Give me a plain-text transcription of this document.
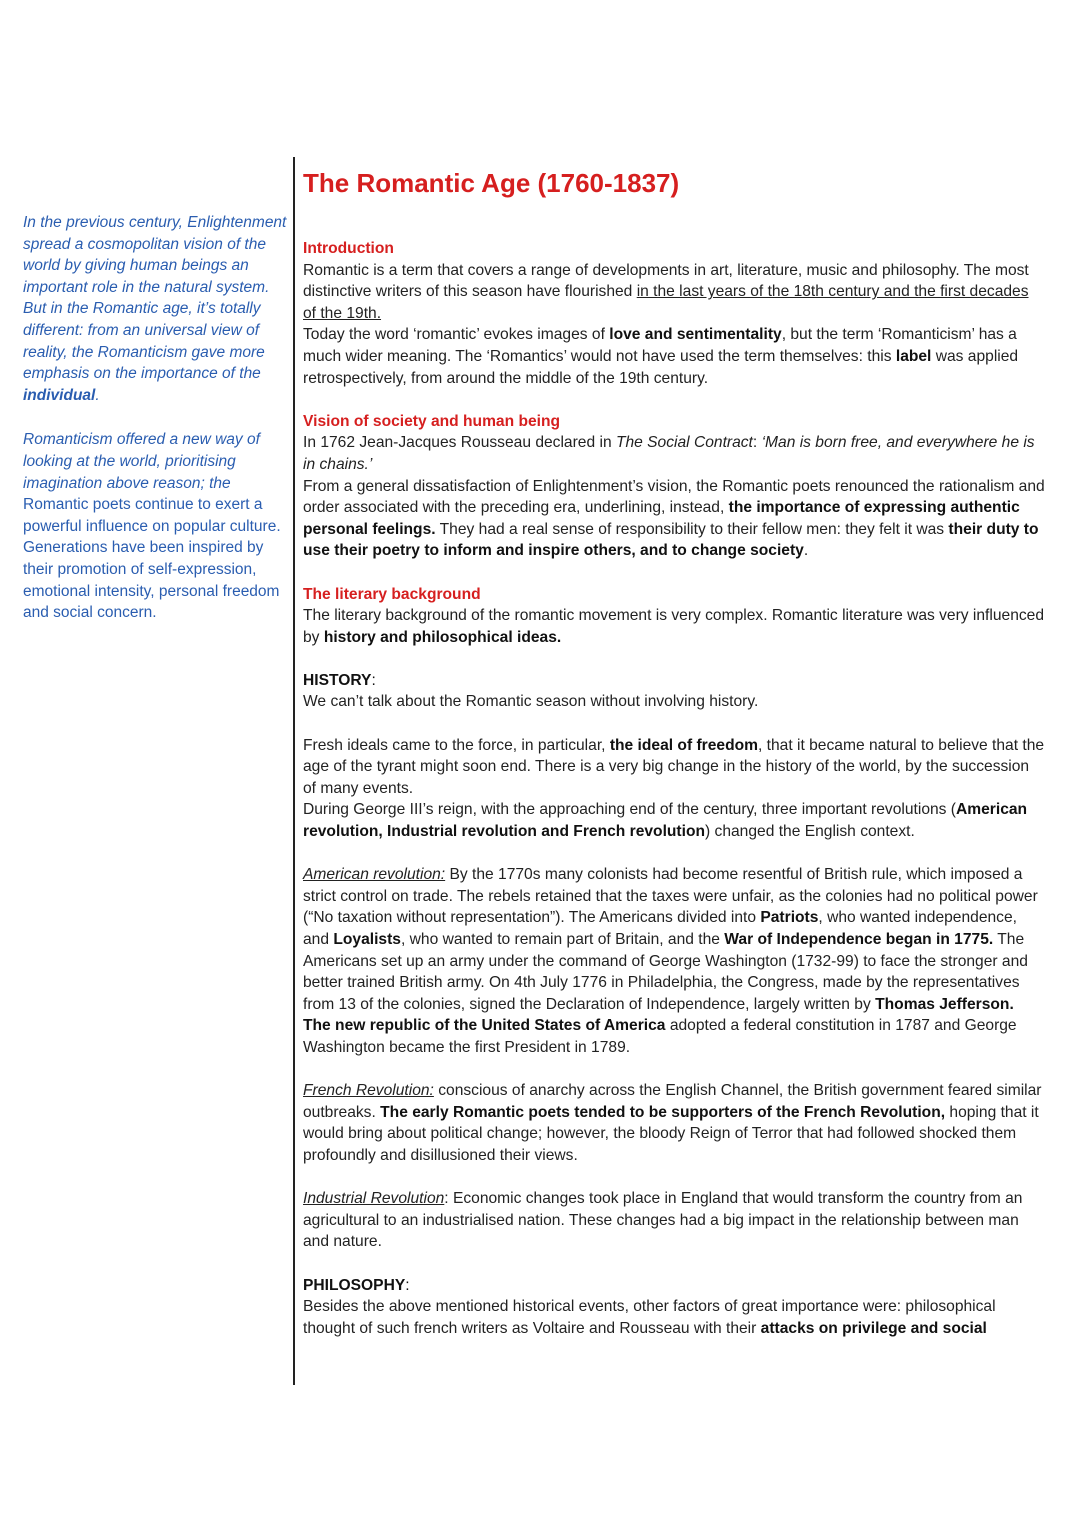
In the previous century, Enlightenment spread a cosmopolitan vision of the world by giving human beings an important role in the natural system. But in the Romantic age, it’s totally different: from an universal view of reality, the Romanticism gave more emphasis on the importance of the individual.

Romanticism offered a new way of looking at the world, prioritising imagination above reason; the Romantic poets continue to exert a powerful influence on popular culture. Generations have been inspired by their promotion of self-expression, emotional intensity, personal freedom and social concern.

The Romantic Age (1760-1837)
Introduction

Romantic is a term that covers a range of developments in art, literature, music and philosophy. The most distinctive writers of this season have flourished in the last years of the 18th century and the first decades of the 19th.

Today the word ‘romantic’ evokes images of love and sentimentality, but the term ‘Romanticism’ has a much wider meaning. The ‘Romantics’ would not have used the term themselves: this label was applied retrospectively, from around the middle of the 19th century.

Vision of society and human being

In 1762 Jean-Jacques Rousseau declared in The Social Contract: ‘Man is born free, and everywhere he is in chains.’

From a general dissatisfaction of Enlightenment’s vision, the Romantic poets renounced the rationalism and order associated with the preceding era, underlining, instead, the importance of expressing authentic personal feelings. They had a real sense of responsibility to their fellow men: they felt it was their duty to use their poetry to inform and inspire others, and to change society.

The literary background

The literary background of the romantic movement is very complex. Romantic literature was very influenced by history and philosophical ideas.

HISTORY:

We can’t talk about the Romantic season without involving history.

Fresh ideals came to the force, in particular, the ideal of freedom, that it became natural to believe that the age of the tyrant might soon end. There is a very big change in the history of the world, by the succession of many events.

During George III’s reign, with the approaching end of the century, three important revolutions (American revolution, Industrial revolution and French revolution) changed the English context.

American revolution: By the 1770s many colonists had become resentful of British rule, which imposed a strict control on trade. The rebels retained that the taxes were unfair, as the colonies had no political power (“No taxation without representation”). The Americans divided into Patriots, who wanted independence, and Loyalists, who wanted to remain part of Britain, and the War of Independence began in 1775. The Americans set up an army under the command of George Washington (1732-99) to face the stronger and better trained British army. On 4th July 1776 in Philadelphia, the Congress, made by the representatives from 13 of the colonies, signed the Declaration of Independence, largely written by Thomas Jefferson. The new republic of the United States of America adopted a federal constitution in 1787 and George Washington became the first President in 1789.

French Revolution: conscious of anarchy across the English Channel, the British government feared similar outbreaks. The early Romantic poets tended to be supporters of the French Revolution, hoping that it would bring about political change; however, the bloody Reign of Terror that had followed shocked them profoundly and disillusioned their views.

Industrial Revolution: Economic changes took place in England that would transform the country from an agricultural to an industrialised nation. These changes had a big impact in the relationship between man and nature.

PHILOSOPHY:

Besides the above mentioned historical events, other factors of great importance were: philosophical thought of such french writers as Voltaire and Rousseau with their attacks on privilege and social
